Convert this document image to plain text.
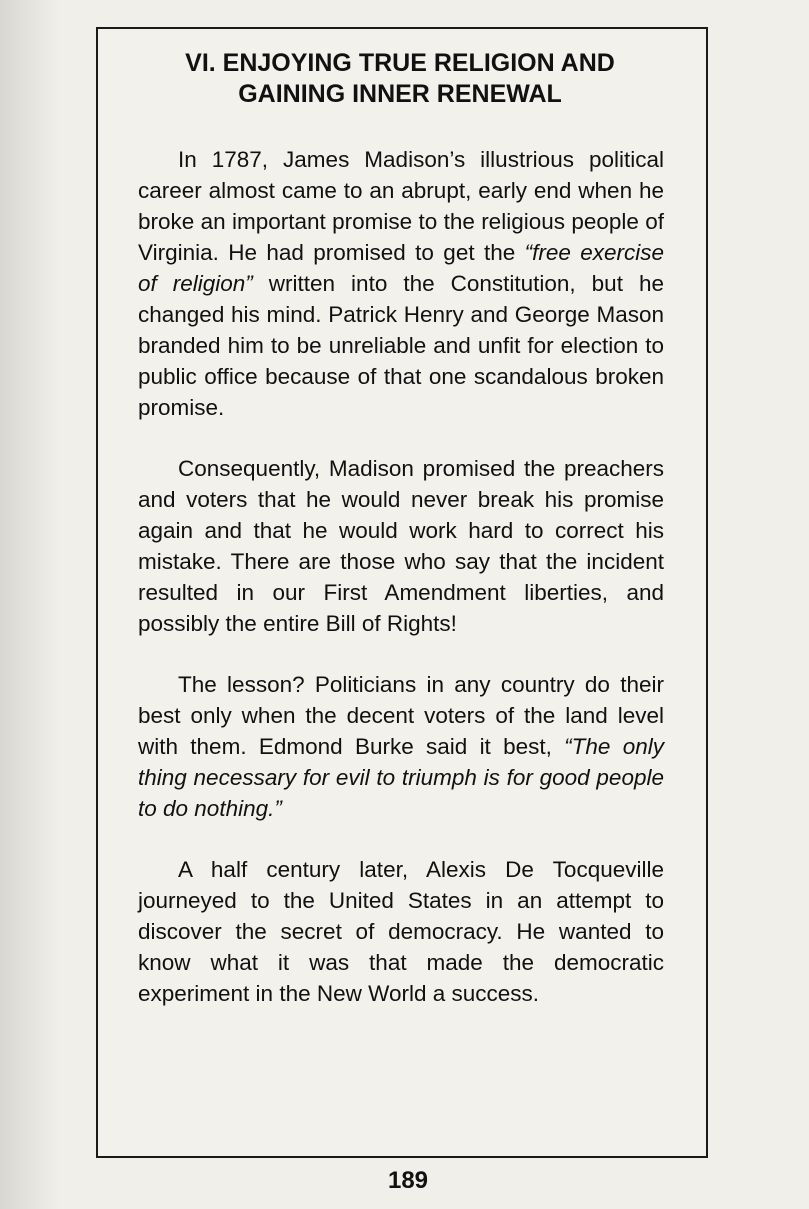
VI. ENJOYING TRUE RELIGION AND
GAINING INNER RENEWAL

In 1787, James Madison’s illustrious political career almost came to an abrupt, early end when he broke an important promise to the religious people of Virginia. He had promised to get the “free exercise of religion” written into the Constitution, but he changed his mind. Patrick Henry and George Mason branded him to be unreliable and unfit for election to public office because of that one scandalous broken promise.

Consequently, Madison promised the preachers and voters that he would never break his promise again and that he would work hard to correct his mistake. There are those who say that the incident resulted in our First Amendment liberties, and possibly the entire Bill of Rights!

The lesson? Politicians in any country do their best only when the decent voters of the land level with them. Edmond Burke said it best, “The only thing necessary for evil to triumph is for good people to do nothing.”

A half century later, Alexis De Tocqueville journeyed to the United States in an attempt to discover the secret of democracy. He wanted to know what it was that made the democratic experiment in the New World a success.

189
